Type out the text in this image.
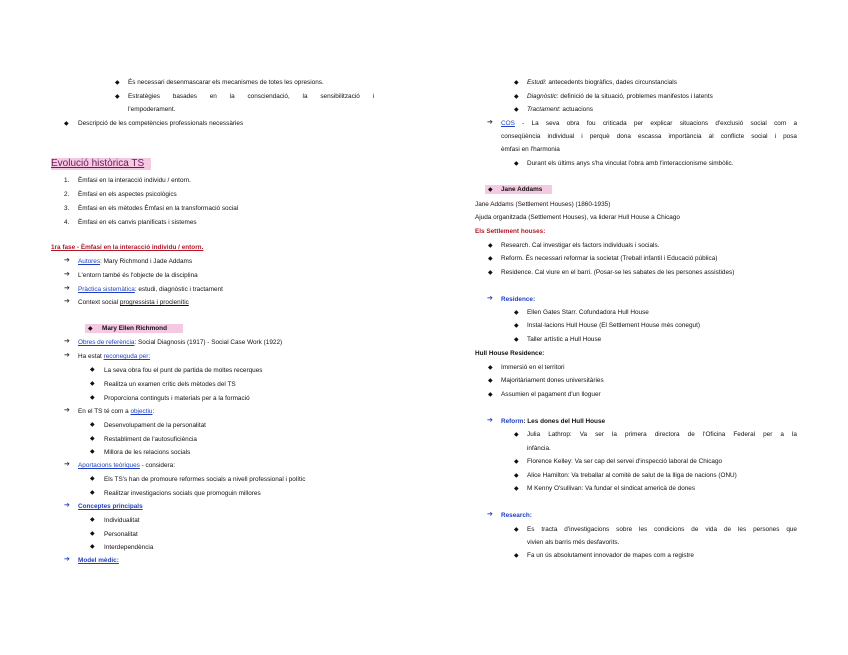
◆ És necessari desenmascarar els mecanismes de totes les opresions.
◆ Estratègies basades en la consciendació, la sensibilització i
l'empoderament.
◆ Descripció de les competències professionals necessàries
Evolució històrica TS
1. Èmfasi en la interacció individu / entorn.
2. Èmfasi en els aspectes psicològics
3. Èmfasi en els mètodes Èmfasi en la transformació social
4. Èmfasi en els canvis planificats i sistemes
1ra fase - Èmfasi en la interacció individu / entorn.
➔ Autores: Mary Richmond i Jade Addams
➔ L'entorn també és l'objecte de la disciplina
➔ Pràctica sistemàtica: estudi, diagnòstic i tractament
➔ Context social progressista i proclenític
◆ Mary Ellen Richmond
➔ Obres de referència: Social Diagnosis (1917) - Social Case Work (1922)
➔ Ha estat reconeguda per:
◆ La seva obra fou el punt de partida de moltes recerques
◆ Realitza un examen crític dels mètodes del TS
◆ Proporciona continguts i materials per a la formació
➔ En el TS té com a objectiu:
◆ Desenvolupament de la personalitat
◆ Restabliment de l'autosuficiència
◆ Millora de les relacions socials
➔ Aportacions teòriques - considera:
◆ Els TS's han de promoure reformes socials a nivell professional i polític
◆ Realitzar investigacions socials que promoguin millores
➔ Conceptes principals
◆ Individualitat
◆ Personalitat
◆ Interdependència
➔ Model mèdic:
◆ Estudi: antecedents biogràfics, dades circunstancials
◆ Diagnòstic: definició de la situació, problemes manifestos i latents
◆ Tractament: actuacions
➔ COS - La seva obra fou criticada per explicar situacions d'exclusió social com a
conseqüència individual i perquè dona escassa importància al conflicte social i posa
èmfasi en l'harmonia
◆ Durant els últims anys s'ha vinculat l'obra amb l'interaccionisme simbòlic.
◆ Jane Addams
Jane Addams (Settlement Houses) (1860-1935)
Ajuda organitzada (Settlement Houses), va liderar Hull House a Chicago
Els Settlement houses:
◆ Research. Cal investigar els factors individuals i socials.
◆ Reform. És necessari reformar la societat (Treball infantil i Educació pública)
◆ Residence. Cal viure en el barri. (Posar-se les sabates de les persones assistides)
➔ Residence:
◆ Ellen Gates Starr. Cofundadora Hull House
◆ Instal·lacions Hull House (El Settlement House més conegut)
◆ Taller artístic a Hull House
Hull House Residence:
◆ Immersió en el territori
◆ Majoritàriament dones universitàries
◆ Assumien el pagament d'un lloguer
➔ Reform: Les dones del Hull House
◆ Julia Lathrop: Va ser la primera directora de l'Oficina Federal per a la
infància.
◆ Florence Kelley: Va ser cap del servei d'inspecció laboral de Chicago
◆ Alice Hamilton: Va treballar al comitè de salut de la lliga de nacions (ONU)
◆ M Kenny O'sullivan: Va fundar el sindicat americà de dones
➔ Research:
◆ Es tracta d'investigacions sobre les condicions de vida de les persones que
vivien als barris més desfavorits.
◆ Fa un ús absolutament innovador de mapes com a registre
